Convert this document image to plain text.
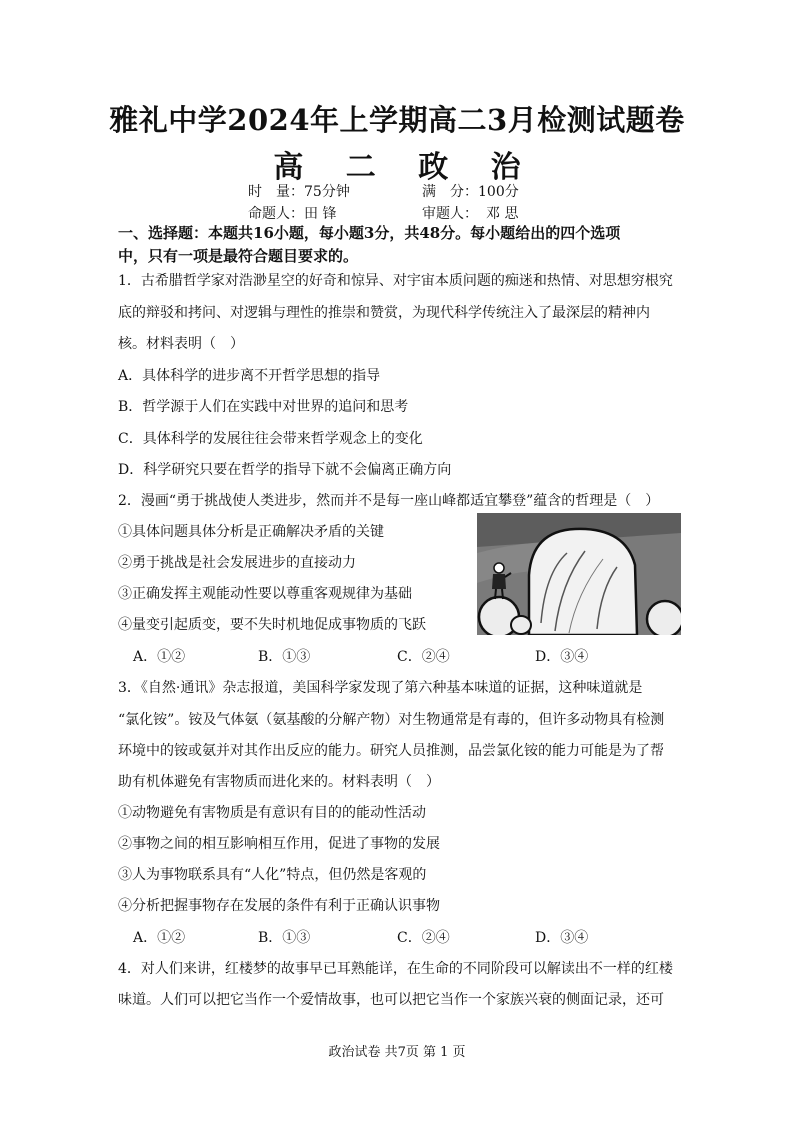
雅礼中学2024年上学期高二3月检测试题卷
高 二 政 治
时　量： 75分钟	满　分： 100分
命题人： 田 锋	审题人： 邓 思
一、选择题：本题共16小题，每小题3分，共48分。每小题给出的四个选项
中，只有一项是最符合题目要求的。
1．古希腊哲学家对浩渺星空的好奇和惊异、对宇宙本质问题的痴迷和热情、对思想穷根究
底的辩驳和拷问、对逻辑与理性的推崇和赞赏，为现代科学传统注入了最深层的精神内
核。材料表明（　）
A．具体科学的进步离不开哲学思想的指导
B．哲学源于人们在实践中对世界的追问和思考
C．具体科学的发展往往会带来哲学观念上的变化
D．科学研究只要在哲学的指导下就不会偏离正确方向
2．漫画“勇于挑战使人类进步，然而并不是每一座山峰都适宜攀登”蕴含的哲理是（　）
①具体问题具体分析是正确解决矛盾的关键
②勇于挑战是社会发展进步的直接动力
③正确发挥主观能动性要以尊重客观规律为基础
④量变引起质变，要不失时机地促成事物质的飞跃
A．①②	B．①③	C．②④	D．③④
3．《自然·通讯》杂志报道，美国科学家发现了第六种基本味道的证据，这种味道就是
“氯化铵”。铵及气体氨（氨基酸的分解产物）对生物通常是有毒的，但许多动物具有检测
环境中的铵或氨并对其作出反应的能力。研究人员推测，品尝氯化铵的能力可能是为了帮
助有机体避免有害物质而进化来的。材料表明（　）
①动物避免有害物质是有意识有目的的能动性活动
②事物之间的相互影响相互作用，促进了事物的发展
③人为事物联系具有“人化”特点，但仍然是客观的
④分析把握事物存在发展的条件有利于正确认识事物
A．①②	B．①③	C．②④	D．③④
4．对人们来讲，红楼梦的故事早已耳熟能详，在生命的不同阶段可以解读出不一样的红楼
味道。人们可以把它当作一个爱情故事，也可以把它当作一个家族兴衰的侧面记录，还可
政治试卷 共7页 第 1 页
